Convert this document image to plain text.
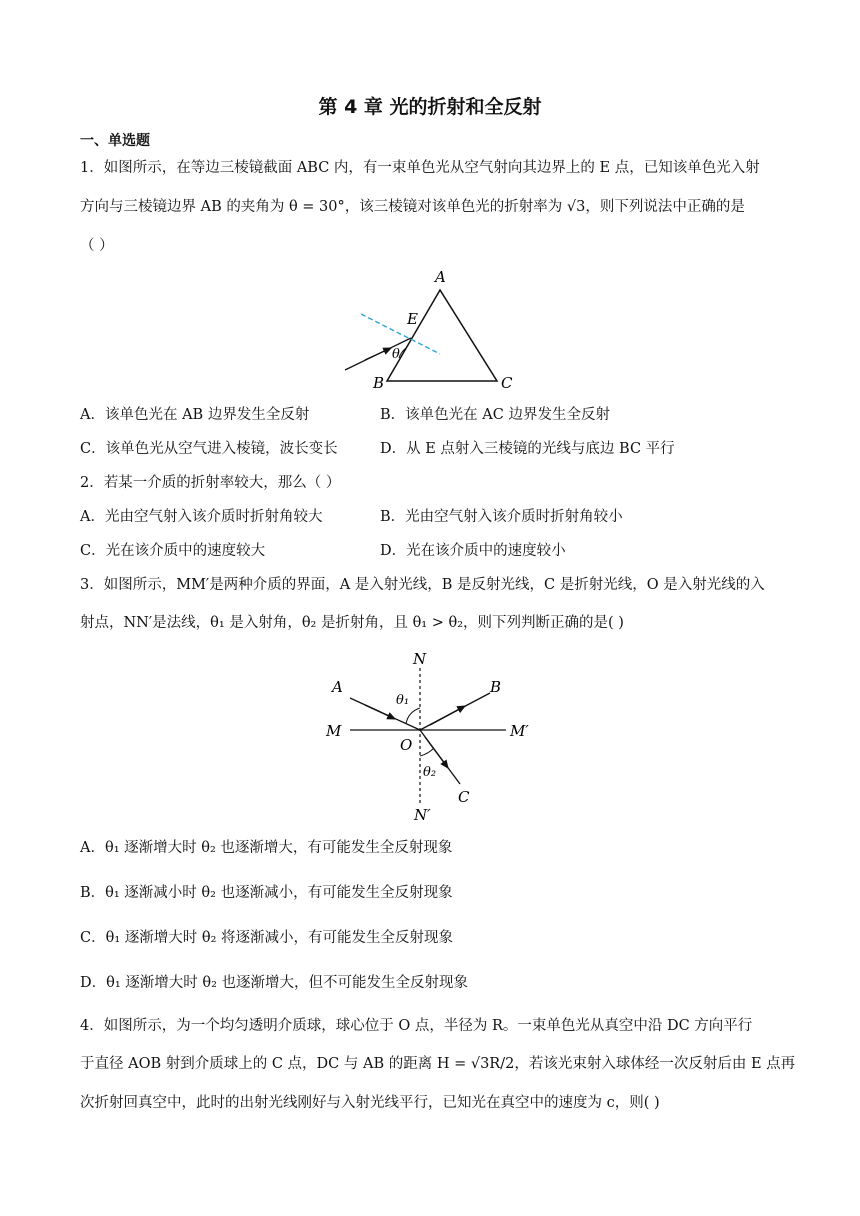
第 4 章 光的折射和全反射
一、单选题
1．如图所示，在等边三棱镜截面 ABC 内，有一束单色光从空气射向其边界上的 E 点，已知该单色光入射
方向与三棱镜边界 AB 的夹角为 θ = 30°，该三棱镜对该单色光的折射率为 √3，则下列说法中正确的是
（ ）
A
E
θ
B	C
A．该单色光在 AB 边界发生全反射	B．该单色光在 AC 边界发生全反射
C．该单色光从空气进入棱镜，波长变长	D．从 E 点射入三棱镜的光线与底边 BC 平行
2．若某一介质的折射率较大，那么（ ）
A．光由空气射入该介质时折射角较大	B．光由空气射入该介质时折射角较小
C．光在该介质中的速度较大	D．光在该介质中的速度较小
3．如图所示，MM′是两种介质的界面，A 是入射光线，B 是反射光线，C 是折射光线，O 是入射光线的入
射点，NN′是法线，θ₁ 是入射角，θ₂ 是折射角，且 θ₁ > θ₂，则下列判断正确的是( )
N
A
θ₁
B
M	M′
O
θ₂
C
N′
A．θ₁ 逐渐增大时 θ₂ 也逐渐增大，有可能发生全反射现象
B．θ₁ 逐渐减小时 θ₂ 也逐渐减小，有可能发生全反射现象
C．θ₁ 逐渐增大时 θ₂ 将逐渐减小，有可能发生全反射现象
D．θ₁ 逐渐增大时 θ₂ 也逐渐增大，但不可能发生全反射现象
4．如图所示，为一个均匀透明介质球，球心位于 O 点，半径为 R。一束单色光从真空中沿 DC 方向平行
于直径 AOB 射到介质球上的 C 点，DC 与 AB 的距离 H = √3R/2，若该光束射入球体经一次反射后由 E 点再
次折射回真空中，此时的出射光线刚好与入射光线平行，已知光在真空中的速度为 c，则( )
